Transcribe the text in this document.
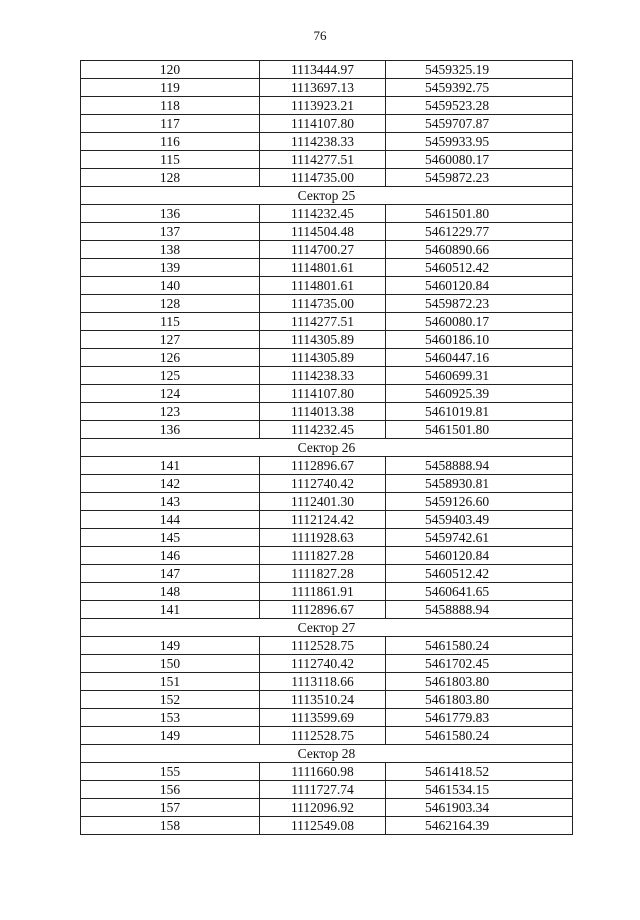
76
120	1113444.97	5459325.19
119	1113697.13	5459392.75
118	1113923.21	5459523.28
117	1114107.80	5459707.87
116	1114238.33	5459933.95
115	1114277.51	5460080.17
128	1114735.00	5459872.23
Сектор 25		
136	1114232.45	5461501.80
137	1114504.48	5461229.77
138	1114700.27	5460890.66
139	1114801.61	5460512.42
140	1114801.61	5460120.84
128	1114735.00	5459872.23
115	1114277.51	5460080.17
127	1114305.89	5460186.10
126	1114305.89	5460447.16
125	1114238.33	5460699.31
124	1114107.80	5460925.39
123	1114013.38	5461019.81
136	1114232.45	5461501.80
Сектор 26		
141	1112896.67	5458888.94
142	1112740.42	5458930.81
143	1112401.30	5459126.60
144	1112124.42	5459403.49
145	1111928.63	5459742.61
146	1111827.28	5460120.84
147	1111827.28	5460512.42
148	1111861.91	5460641.65
141	1112896.67	5458888.94
Сектор 27		
149	1112528.75	5461580.24
150	1112740.42	5461702.45
151	1113118.66	5461803.80
152	1113510.24	5461803.80
153	1113599.69	5461779.83
149	1112528.75	5461580.24
Сектор 28		
155	1111660.98	5461418.52
156	1111727.74	5461534.15
157	1112096.92	5461903.34
158	1112549.08	5462164.39
